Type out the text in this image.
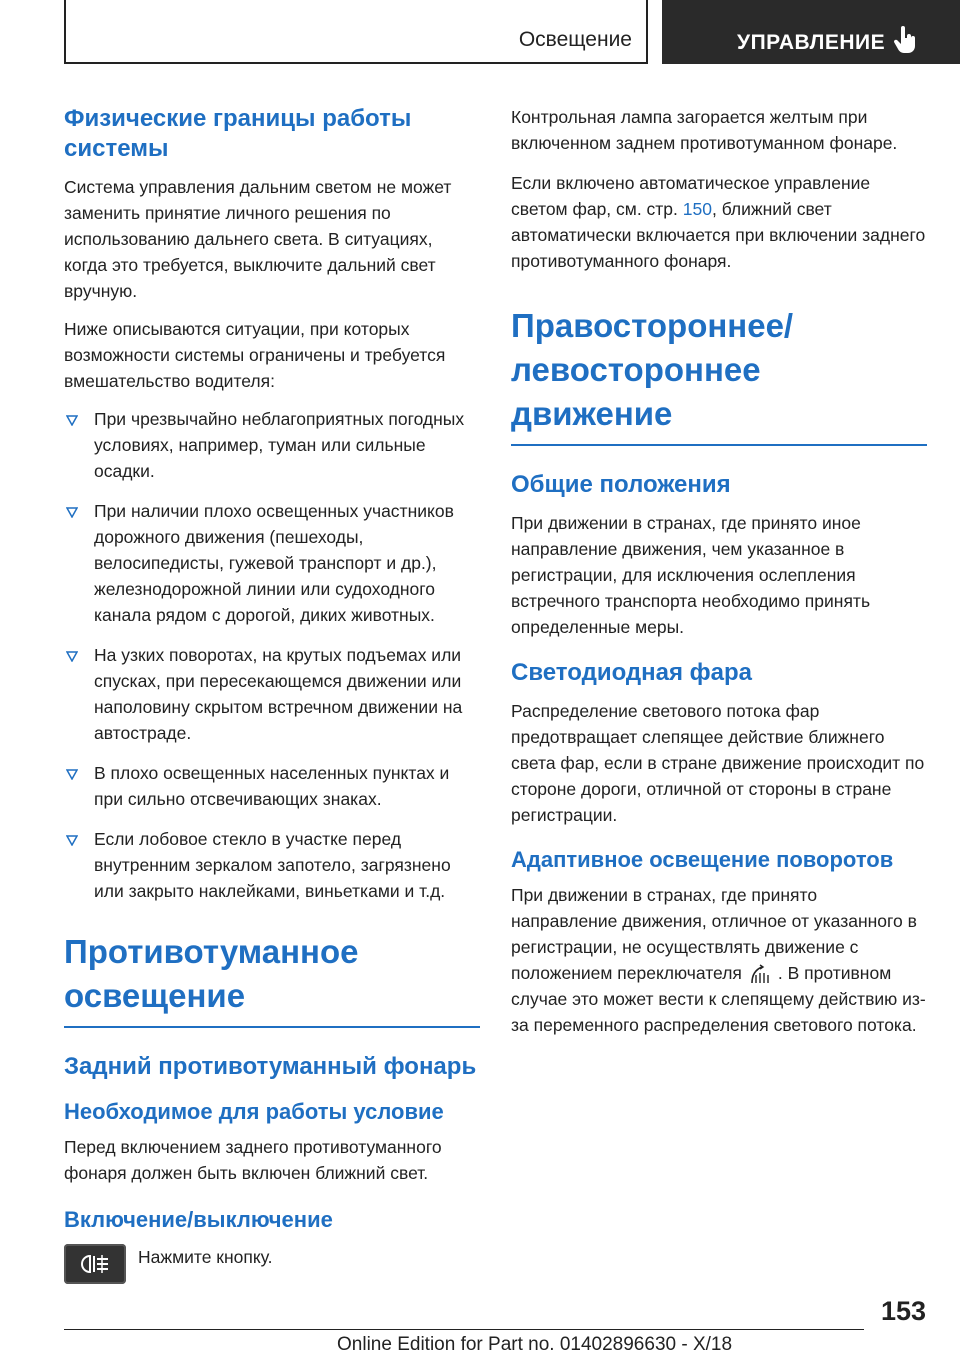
Освещение	УПРАВЛЕНИЕ
Физические границы работы системы

Система управления дальним светом не может заменить принятие личного решения по использованию дальнего света. В ситуациях, когда это требуется, выключите дальний свет вручную.

Ниже описываются ситуации, при которых возможности системы ограничены и требуется вмешательство водителя:

При чрезвычайно неблагоприятных погодных условиях, например, туман или сильные осадки.
При наличии плохо освещенных участников дорожного движения (пешеходы, велосипедисты, гужевой транспорт и др.), железнодорожной линии или судоходного канала рядом с дорогой, диких животных.
На узких поворотах, на крутых подъемах или спусках, при пересекающемся движении или наполовину скрытом встречном движении на автостраде.
В плохо освещенных населенных пунктах и при сильно отсвечивающих знаках.
Если лобовое стекло в участке перед внутренним зеркалом запотело, загрязнено или закрыто наклейками, виньетками и т.д.
Противотуманное освещение
Задний противотуманный фонарь
Необходимое для работы условие

Перед включением заднего противотуманного фонаря должен быть включен ближний свет.

Включение/выключение
Нажмите кнопку.

Контрольная лампа загорается желтым при включенном заднем противотуманном фонаре.

Если включено автоматическое управление светом фар, см. стр. 150, ближний свет автоматически включается при включении заднего противотуманного фонаря.

Правостороннее/левостороннее движение
Общие положения

При движении в странах, где принято иное направление движения, чем указанное в регистрации, для исключения ослепления встречного транспорта необходимо принять определенные меры.

Светодиодная фара

Распределение светового потока фар предотвращает слепящее действие ближнего света фар, если в стране движение происходит по стороне дороги, отличной от стороны в стране регистрации.

Адаптивное освещение поворотов

При движении в странах, где принято направление движения, отличное от указанного в регистрации, не осуществлять движение с положением переключателя . В противном случае это может вести к слепящему действию из-за переменного распределения светового потока.

153
Online Edition for Part no. 01402896630 - X/18
